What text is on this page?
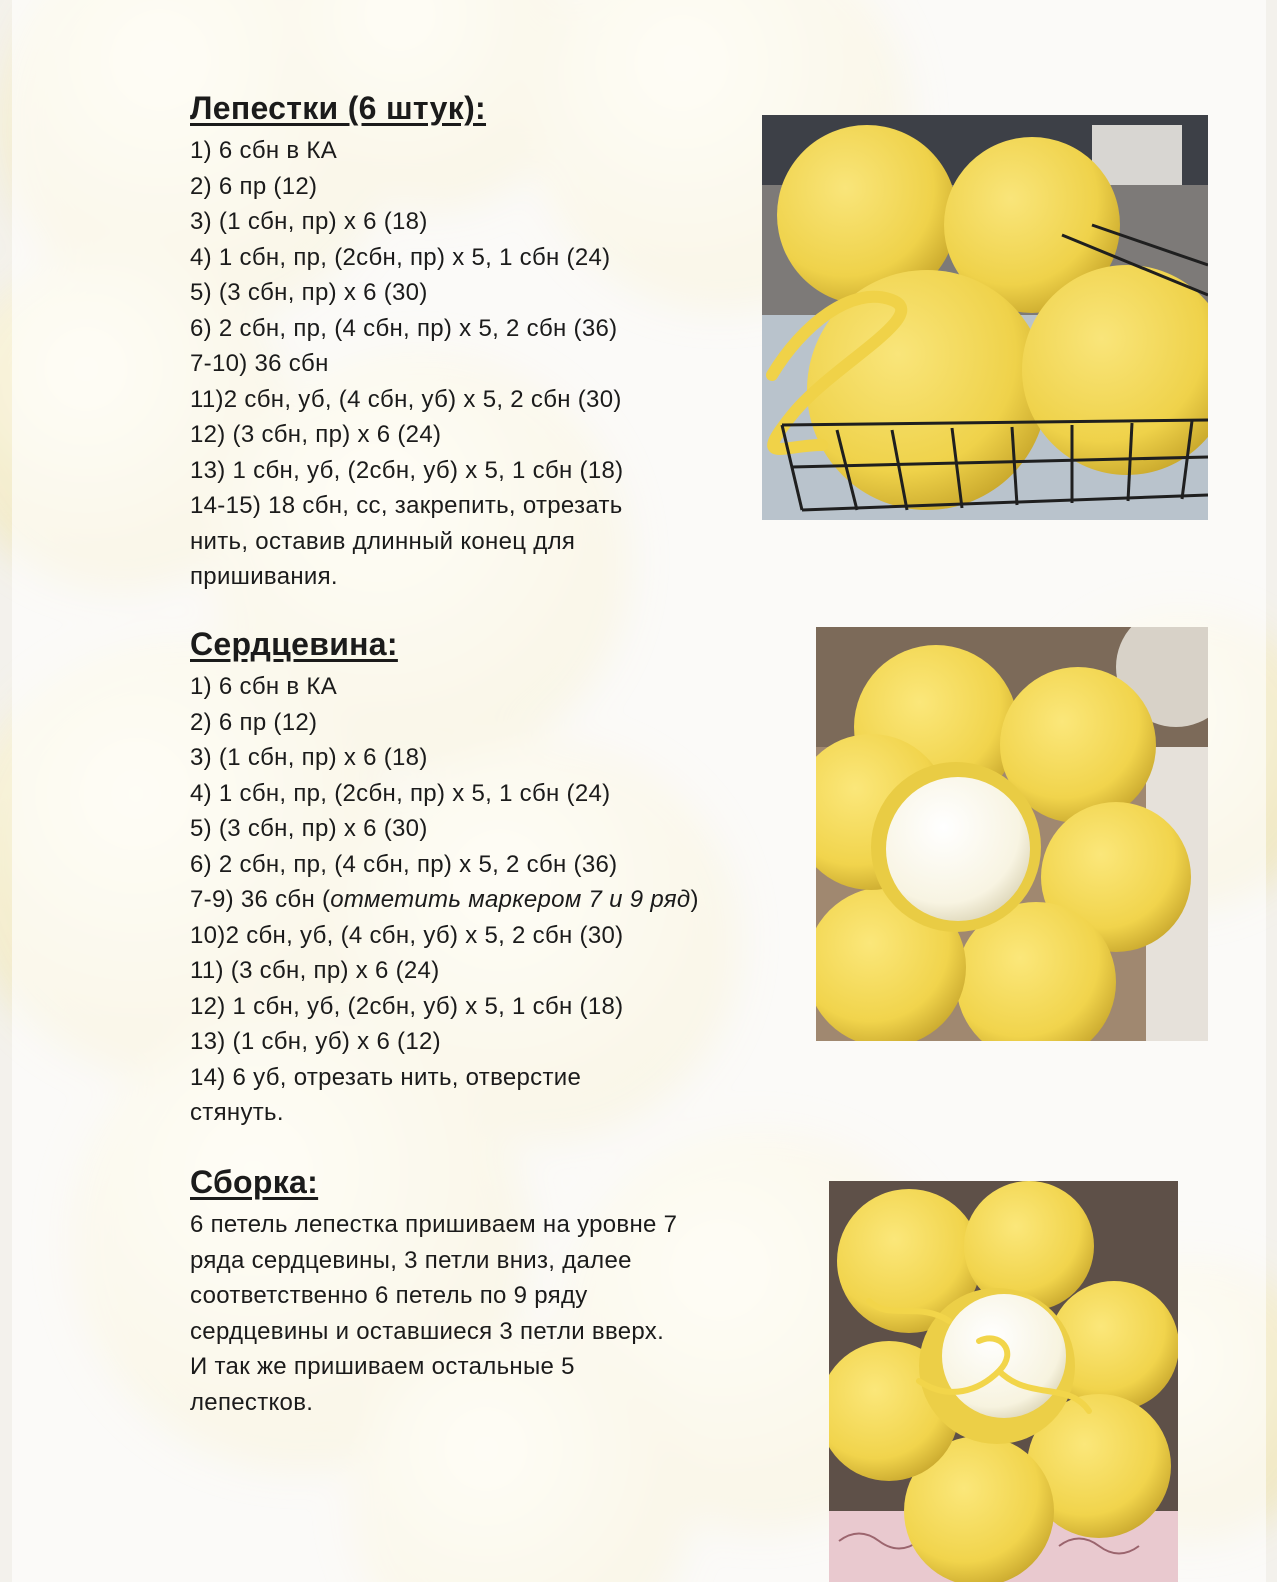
Лепестки (6 штук):

1) 6 сбн в КА

2) 6 пр (12)

3) (1 сбн, пр) х 6 (18)

4) 1 сбн, пр, (2сбн, пр) х 5, 1 сбн (24)

5) (3 сбн, пр) х 6 (30)

6) 2 сбн, пр, (4 сбн, пр) х 5, 2 сбн (36)

7-10) 36 сбн

11)2 сбн, уб, (4 сбн, уб) х 5, 2 сбн (30)

12) (3 сбн, пр) х 6 (24)

13) 1 сбн, уб, (2сбн, уб) х 5, 1 сбн (18)

14-15) 18 сбн, сс, закрепить, отрезать

нить, оставив длинный конец для

пришивания.

Сердцевина:

1) 6 сбн в КА

2) 6 пр (12)

3) (1 сбн, пр) х 6 (18)

4) 1 сбн, пр, (2сбн, пр) х 5, 1 сбн (24)

5) (3 сбн, пр) х 6 (30)

6) 2 сбн, пр, (4 сбн, пр) х 5, 2 сбн (36)

7-9) 36 сбн (отметить маркером 7 и 9 ряд)

10)2 сбн, уб, (4 сбн, уб) х 5, 2 сбн (30)

11) (3 сбн, пр) х 6 (24)

12) 1 сбн, уб, (2сбн, уб) х 5, 1 сбн (18)

13) (1 сбн, уб) х 6 (12)

14) 6 уб, отрезать нить, отверстие

стянуть.

Сборка:

6 петель лепестка пришиваем на уровне 7

ряда сердцевины, 3 петли вниз, далее

соответственно 6 петель по 9 ряду

сердцевины и оставшиеся 3 петли вверх.

И так же пришиваем остальные 5

лепестков.
